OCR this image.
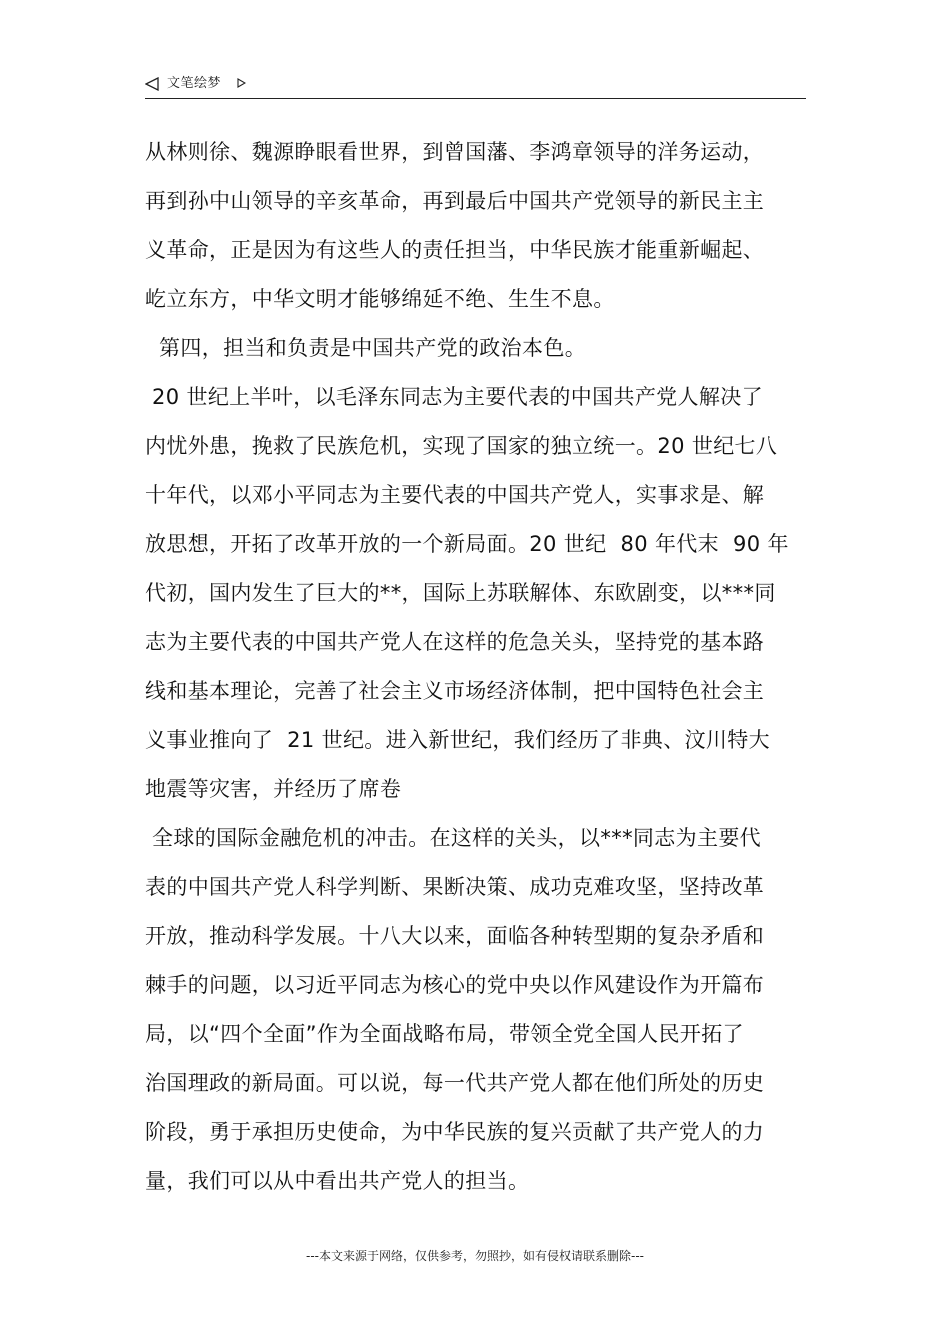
文笔绘梦
从林则徐、魏源睁眼看世界，到曾国藩、李鸿章领导的洋务运动，
再到孙中山领导的辛亥革命，再到最后中国共产党领导的新民主主
义革命，正是因为有这些人的责任担当，中华民族才能重新崛起、
屹立东方，中华文明才能够绵延不绝、生生不息。
第四，担当和负责是中国共产党的政治本色。
20 世纪上半叶，以毛泽东同志为主要代表的中国共产党人解决了
内忧外患，挽救了民族危机，实现了国家的独立统一。20 世纪七八
十年代，以邓小平同志为主要代表的中国共产党人，实事求是、解
放思想，开拓了改革开放的一个新局面。20 世纪  80 年代末  90 年
代初，国内发生了巨大的**，国际上苏联解体、东欧剧变，以***同
志为主要代表的中国共产党人在这样的危急关头，坚持党的基本路
线和基本理论，完善了社会主义市场经济体制，把中国特色社会主
义事业推向了  21 世纪。进入新世纪，我们经历了非典、汶川特大
地震等灾害，并经历了席卷
全球的国际金融危机的冲击。在这样的关头，以***同志为主要代
表的中国共产党人科学判断、果断决策、成功克难攻坚，坚持改革
开放，推动科学发展。十八大以来，面临各种转型期的复杂矛盾和
棘手的问题，以习近平同志为核心的党中央以作风建设作为开篇布
局，以“四个全面”作为全面战略布局，带领全党全国人民开拓了
治国理政的新局面。可以说，每一代共产党人都在他们所处的历史
阶段，勇于承担历史使命，为中华民族的复兴贡献了共产党人的力
量，我们可以从中看出共产党人的担当。
---本文来源于网络，仅供参考，勿照抄，如有侵权请联系删除---
